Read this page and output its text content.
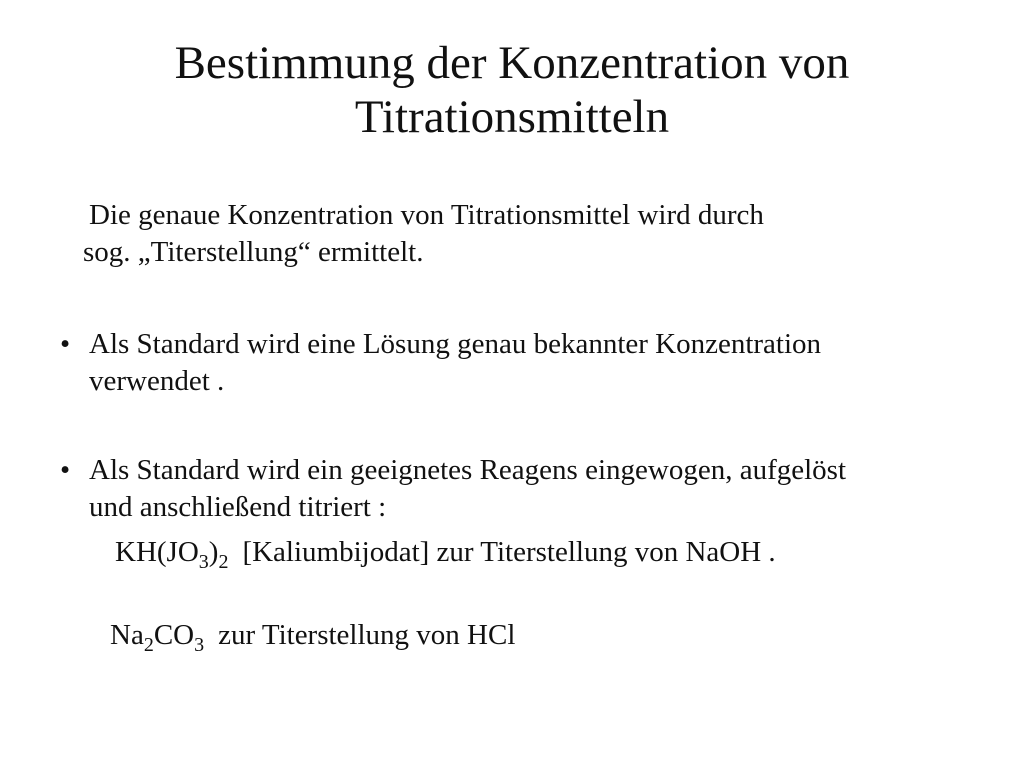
Bestimmung der Konzentration von
Titrationsmitteln
Die genaue Konzentration von Titrationsmittel wird durch
sog. „Titerstellung“ ermittelt.
• Als Standard wird eine Lösung genau bekannter Konzentration
verwendet .
• Als Standard wird ein geeignetes Reagens eingewogen, aufgelöst
und anschließend titriert :
$KH(JO_3)_2$ [Kaliumbijodat] zur Titerstellung von NaOH .
$Na_2CO_3$ zur Titerstellung von HCl
